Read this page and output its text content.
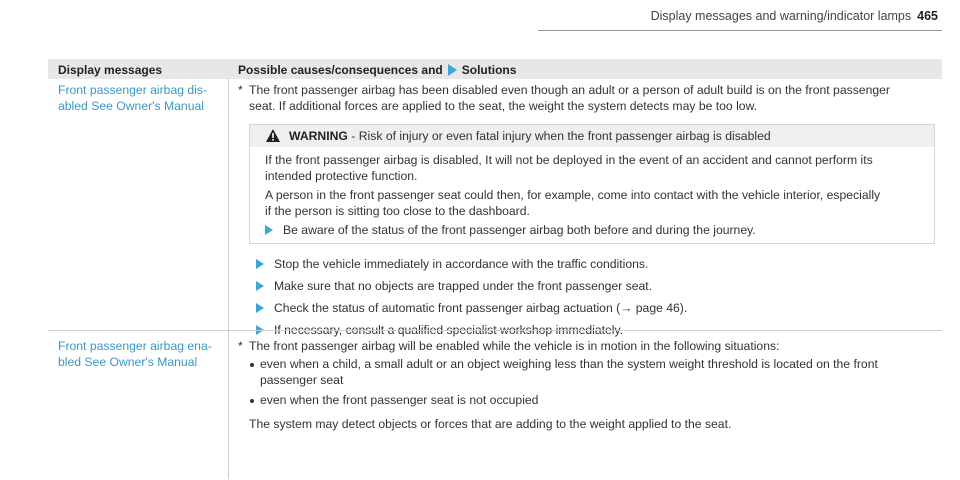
Display messages and warning/indicator lamps 465
Display messages	Possible causes/consequences and Solutions
Front passenger airbag dis-
abled See Owner's Manual
* The front passenger airbag has been disabled even though an adult or a person of adult build is on the front passenger
seat. If additional forces are applied to the seat, the weight the system detects may be too low.
WARNING - Risk of injury or even fatal injury when the front passenger airbag is disabled
If the front passenger airbag is disabled, It will not be deployed in the event of an accident and cannot perform its
intended protective function.
A person in the front passenger seat could then, for example, come into contact with the vehicle interior, especially
if the person is sitting too close to the dashboard.
Be aware of the status of the front passenger airbag both before and during the journey.
Stop the vehicle immediately in accordance with the traffic conditions.
Make sure that no objects are trapped under the front passenger seat.
Check the status of automatic front passenger airbag actuation (→ page 46).
If necessary, consult a qualified specialist workshop immediately.
Front passenger airbag ena-
bled See Owner's Manual
* The front passenger airbag will be enabled while the vehicle is in motion in the following situations:
even when a child, a small adult or an object weighing less than the system weight threshold is located on the front
passenger seat
even when the front passenger seat is not occupied
The system may detect objects or forces that are adding to the weight applied to the seat.
